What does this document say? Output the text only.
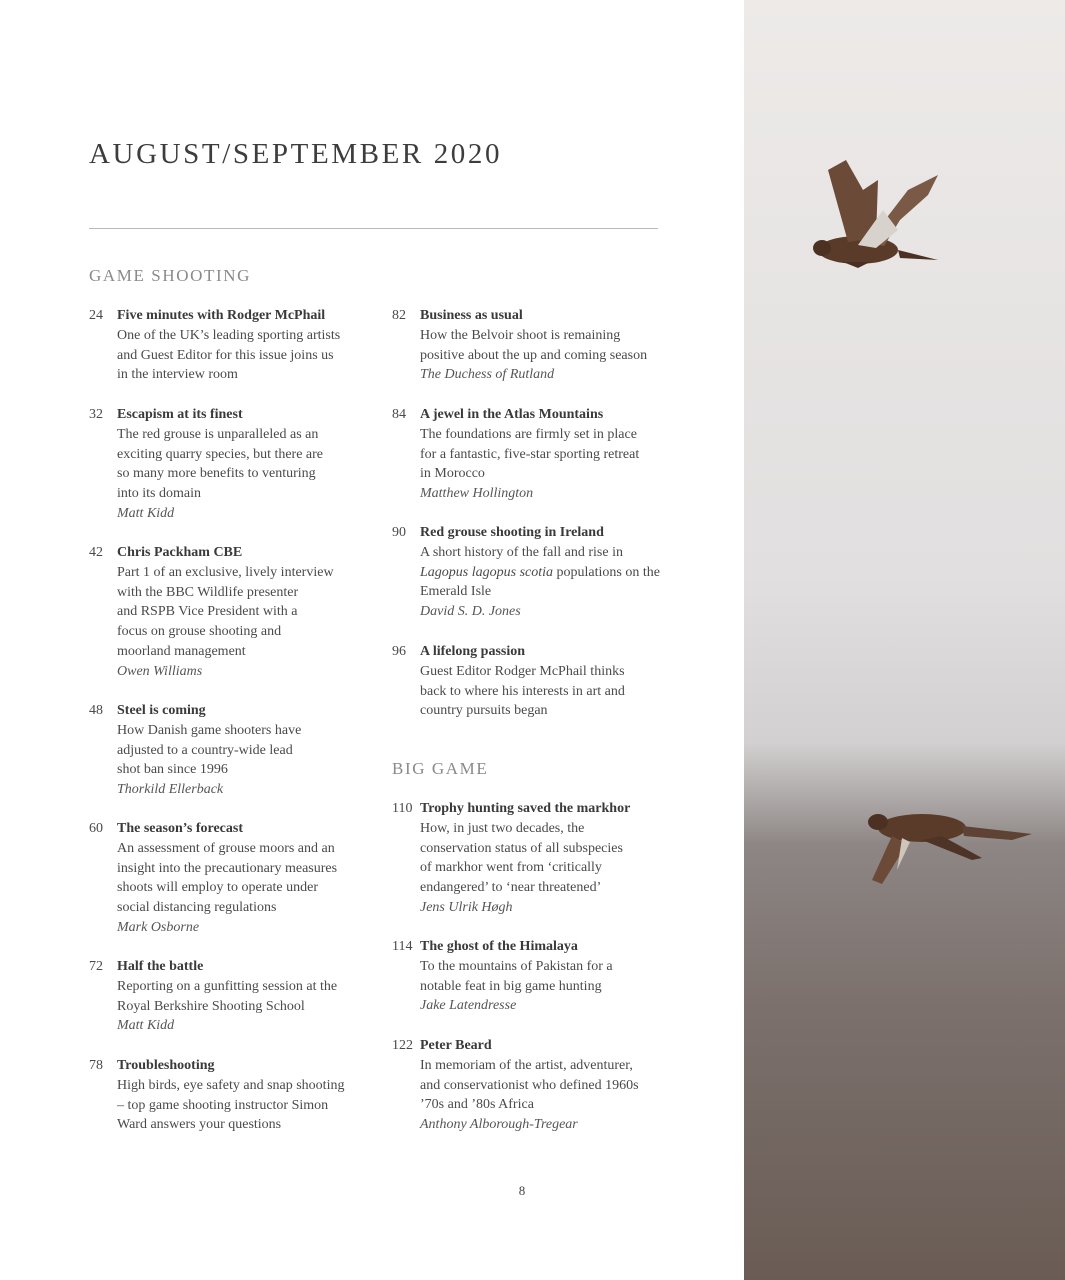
AUGUST/SEPTEMBER 2020
GAME SHOOTING
24 Five minutes with Rodger McPhail
One of the UK’s leading sporting artists
and Guest Editor for this issue joins us
in the interview room
32 Escapism at its finest
The red grouse is unparalleled as an
exciting quarry species, but there are
so many more benefits to venturing
into its domain
Matt Kidd
42 Chris Packham CBE
Part 1 of an exclusive, lively interview
with the BBC Wildlife presenter
and RSPB Vice President with a
focus on grouse shooting and
moorland management
Owen Williams
48 Steel is coming
How Danish game shooters have
adjusted to a country-wide lead
shot ban since 1996
Thorkild Ellerback
60 The season’s forecast
An assessment of grouse moors and an
insight into the precautionary measures
shoots will employ to operate under
social distancing regulations
Mark Osborne
72 Half the battle
Reporting on a gunfitting session at the
Royal Berkshire Shooting School
Matt Kidd
78 Troubleshooting
High birds, eye safety and snap shooting
– top game shooting instructor Simon
Ward answers your questions
82 Business as usual
How the Belvoir shoot is remaining
positive about the up and coming season
The Duchess of Rutland
84 A jewel in the Atlas Mountains
The foundations are firmly set in place
for a fantastic, five-star sporting retreat
in Morocco
Matthew Hollington
90 Red grouse shooting in Ireland
A short history of the fall and rise in
Lagopus lagopus scotia populations on the
Emerald Isle
David S. D. Jones
96 A lifelong passion
Guest Editor Rodger McPhail thinks
back to where his interests in art and
country pursuits began
BIG GAME
110 Trophy hunting saved the markhor
How, in just two decades, the
conservation status of all subspecies
of markhor went from ‘critically
endangered’ to ‘near threatened’
Jens Ulrik Høgh
114 The ghost of the Himalaya
To the mountains of Pakistan for a
notable feat in big game hunting
Jake Latendresse
122 Peter Beard
In memoriam of the artist, adventurer,
and conservationist who defined 1960s
’70s and ’80s Africa
Anthony Alborough-Tregear
8
